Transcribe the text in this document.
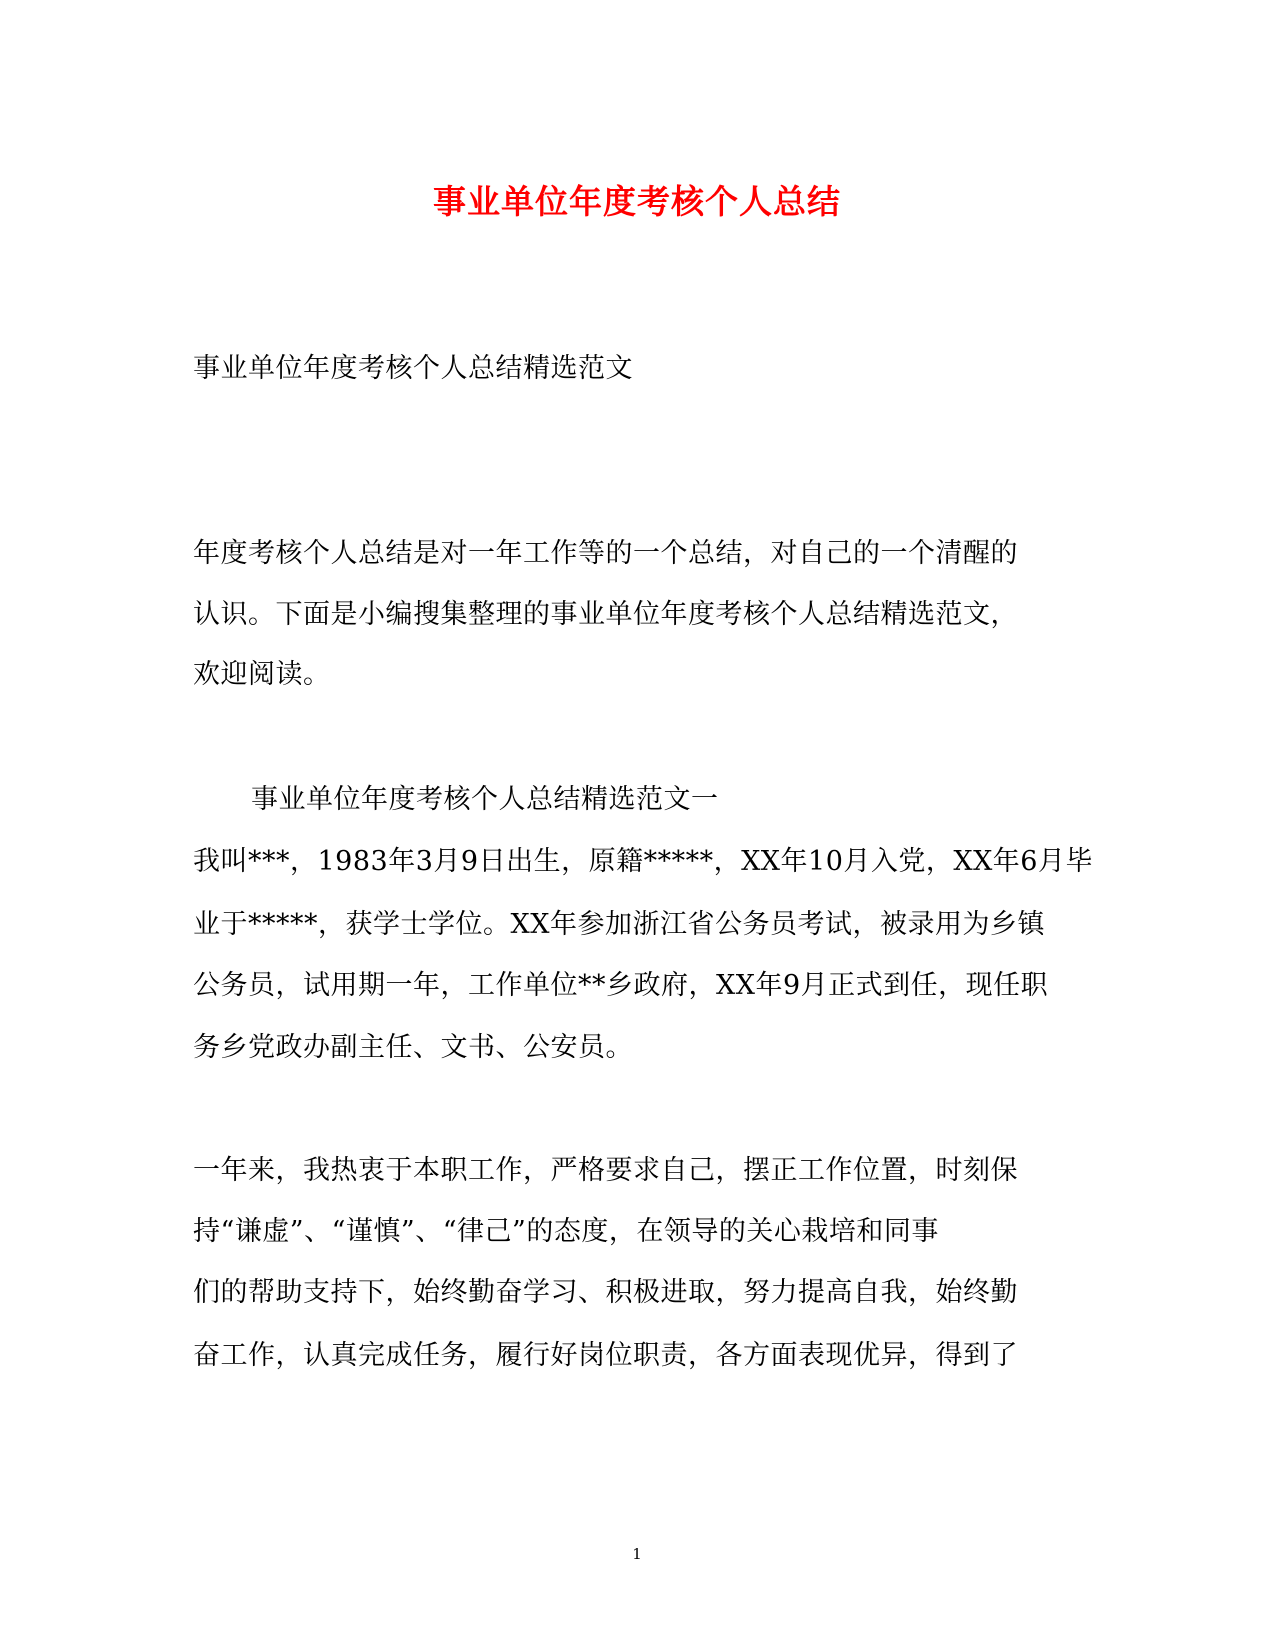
事业单位年度考核个人总结
事业单位年度考核个人总结精选范文
年度考核个人总结是对一年工作等的一个总结，对自己的一个清醒的
认识。下面是小编搜集整理的事业单位年度考核个人总结精选范文，
欢迎阅读。
事业单位年度考核个人总结精选范文一
我叫***，1983年3月9日出生，原籍*****，XX年10月入党，XX年6月毕
业于*****，获学士学位。XX年参加浙江省公务员考试，被录用为乡镇
公务员，试用期一年，工作单位**乡政府，XX年9月正式到任，现任职
务乡党政办副主任、文书、公安员。
一年来，我热衷于本职工作，严格要求自己，摆正工作位置，时刻保
持“谦虚”、“谨慎”、“律己”的态度，在领导的关心栽培和同事
们的帮助支持下，始终勤奋学习、积极进取，努力提高自我，始终勤
奋工作，认真完成任务，履行好岗位职责，各方面表现优异，得到了
1
